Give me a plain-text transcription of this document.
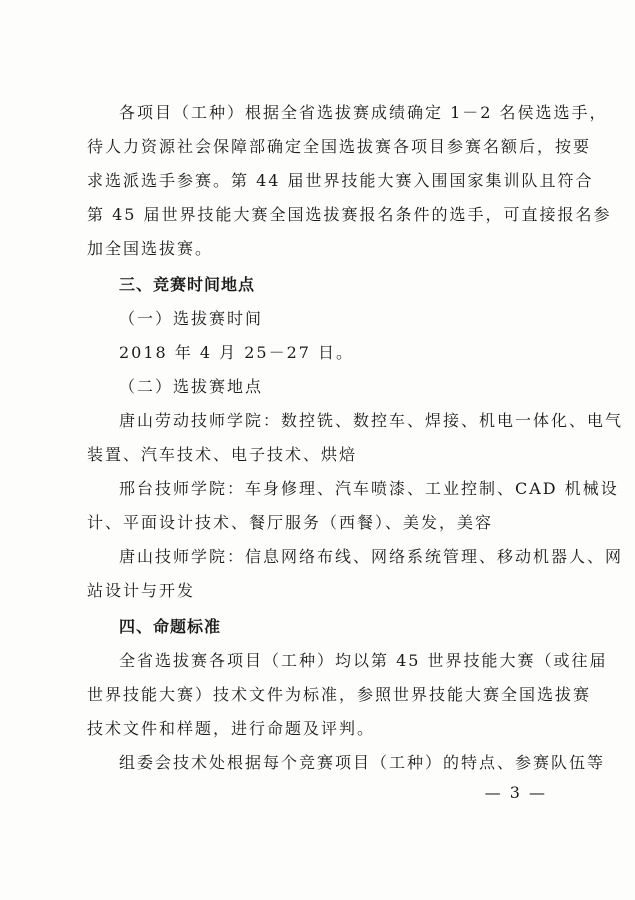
各项目（工种）根据全省选拔赛成绩确定 1－2 名侯选选手，
待人力资源社会保障部确定全国选拔赛各项目参赛名额后，按要
求选派选手参赛。第 44 届世界技能大赛入围国家集训队且符合
第 45 届世界技能大赛全国选拔赛报名条件的选手，可直接报名参
加全国选拔赛。
三、竞赛时间地点
（一）选拔赛时间
2018 年 4 月 25－27 日。
（二）选拔赛地点
唐山劳动技师学院：数控铣、数控车、焊接、机电一体化、电气
装置、汽车技术、电子技术、烘焙
邢台技师学院：车身修理、汽车喷漆、工业控制、CAD 机械设
计、平面设计技术、餐厅服务（西餐）、美发，美容
唐山技师学院：信息网络布线、网络系统管理、移动机器人、网
站设计与开发
四、命题标准
全省选拔赛各项目（工种）均以第 45 世界技能大赛（或往届
世界技能大赛）技术文件为标准，参照世界技能大赛全国选拔赛
技术文件和样题，进行命题及评判。
组委会技术处根据每个竞赛项目（工种）的特点、参赛队伍等
— 3 —
